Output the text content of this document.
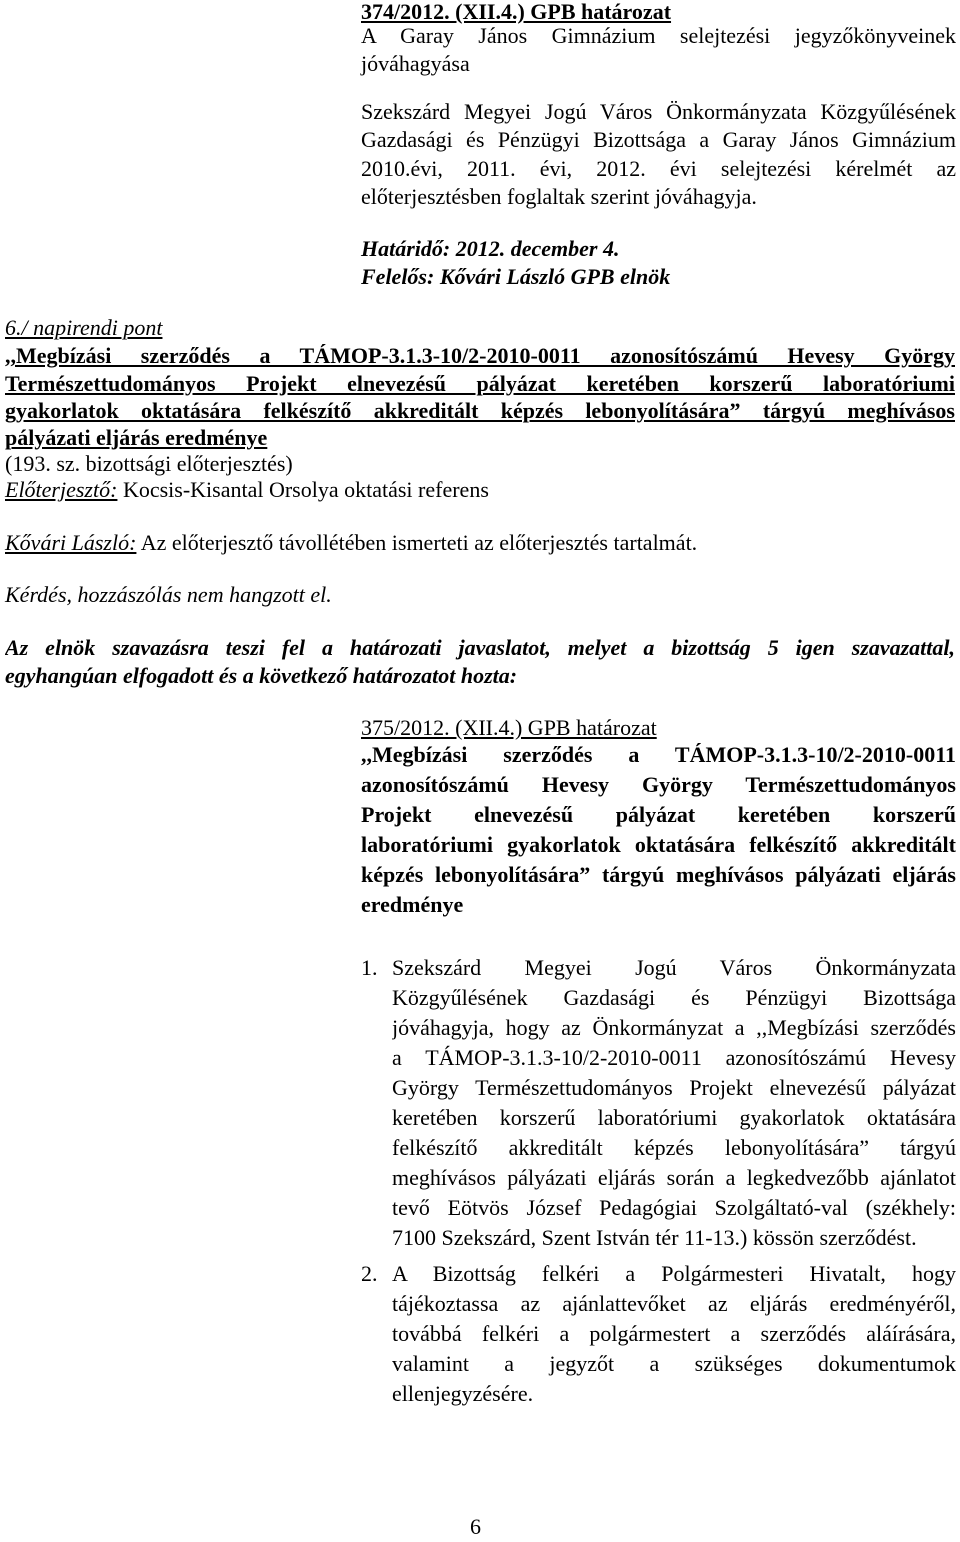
374/2012. (XII.4.) GPB határozat
A Garay János Gimnázium selejtezési jegyzőkönyveinek
jóváhagyása
Szekszárd Megyei Jogú Város Önkormányzata Közgyűlésének
Gazdasági és Pénzügyi Bizottsága a Garay János Gimnázium
2010.évi, 2011. évi, 2012. évi selejtezési kérelmét az
előterjesztésben foglaltak szerint jóváhagyja.
Határidő: 2012. december 4.
Felelős: Kővári László GPB elnök
6./ napirendi pont
,,Megbízási szerződés a TÁMOP-3.1.3-10/2-2010-0011 azonosítószámú Hevesy György
Természettudományos Projekt elnevezésű pályázat keretében korszerű laboratóriumi
gyakorlatok oktatására felkészítő akkreditált képzés lebonyolítására” tárgyú meghívásos
pályázati eljárás eredménye
(193. sz. bizottsági előterjesztés)
Előterjesztő: Kocsis-Kisantal Orsolya oktatási referens
Kővári László: Az előterjesztő távollétében ismerteti az előterjesztés tartalmát.
Kérdés, hozzászólás nem hangzott el.
Az elnök szavazásra teszi fel a határozati javaslatot, melyet a bizottság 5 igen szavazattal,
egyhangúan elfogadott és a következő határozatot hozta:
375/2012. (XII.4.) GPB határozat
,,Megbízási szerződés a TÁMOP-3.1.3-10/2-2010-0011
azonosítószámú Hevesy György Természettudományos
Projekt elnevezésű pályázat keretében korszerű
laboratóriumi gyakorlatok oktatására felkészítő akkreditált
képzés lebonyolítására” tárgyú meghívásos pályázati eljárás
eredménye
1. Szekszárd Megyei Jogú Város Önkormányzata
Közgyűlésének Gazdasági és Pénzügyi Bizottsága
jóváhagyja, hogy az Önkormányzat a ,,Megbízási szerződés
a TÁMOP-3.1.3-10/2-2010-0011 azonosítószámú Hevesy
György Természettudományos Projekt elnevezésű pályázat
keretében korszerű laboratóriumi gyakorlatok oktatására
felkészítő akkreditált képzés lebonyolítására” tárgyú
meghívásos pályázati eljárás során a legkedvezőbb ajánlatot
tevő Eötvös József Pedagógiai Szolgáltató-val (székhely:
7100 Szekszárd, Szent István tér 11-13.) kössön szerződést.
2. A Bizottság felkéri a Polgármesteri Hivatalt, hogy
tájékoztassa az ajánlattevőket az eljárás eredményéről,
továbbá felkéri a polgármestert a szerződés aláírására,
valamint a jegyzőt a szükséges dokumentumok
ellenjegyzésére.
6
